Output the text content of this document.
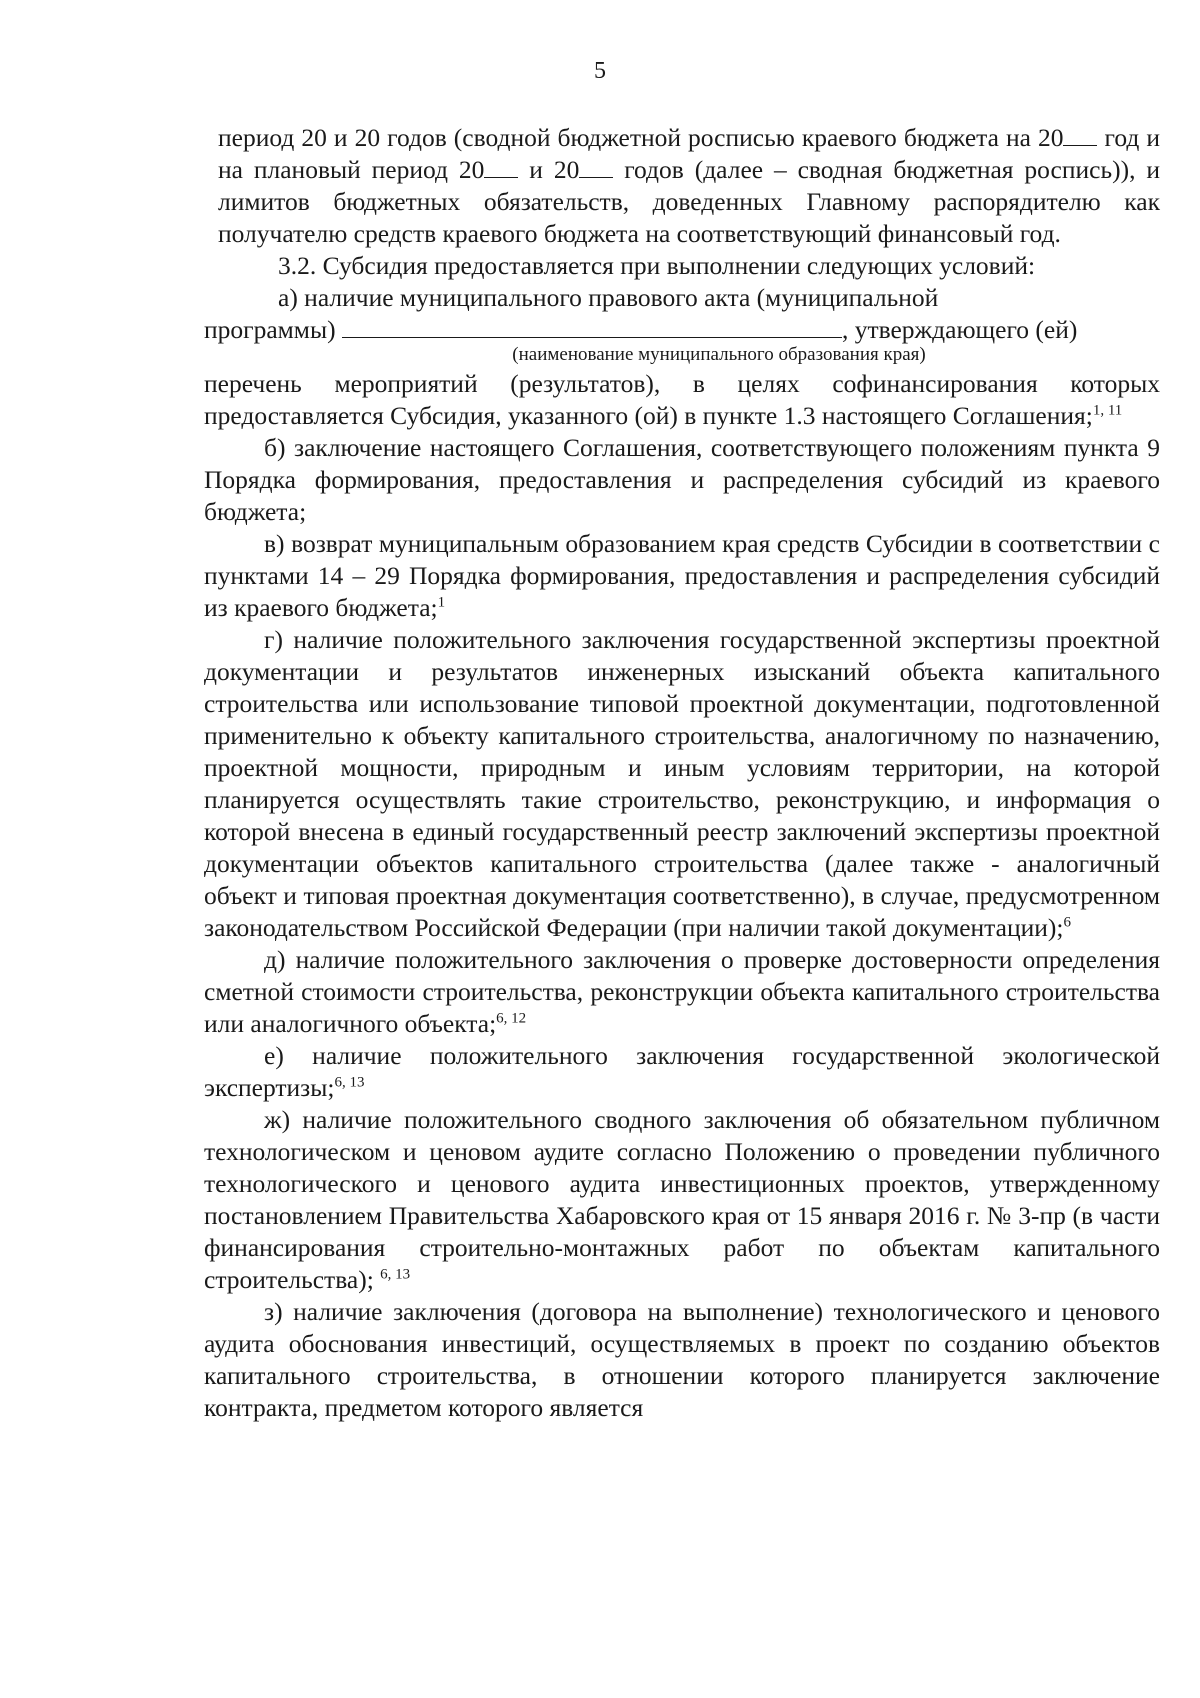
5

период 20 и 20 годов (сводной бюджетной росписью краевого бюджета на 20 год и на плановый период 20 и 20 годов (далее – сводная бюджетная роспись)), и лимитов бюджетных обязательств, доведенных Главному распорядителю как получателю средств краевого бюджета на соответствующий финансовый год.

3.2. Субсидия предоставляется при выполнении следующих условий:

а) наличие муниципального правового акта (муниципальной

программы)	, утверждающего (ей)

(наименование муниципального образования края)

перечень мероприятий (результатов), в целях софинансирования которых предоставляется Субсидия, указанного (ой) в пункте 1.3 настоящего Соглашения;$^{1, 11}$

б) заключение настоящего Соглашения, соответствующего положениям пункта 9 Порядка формирования, предоставления и распределения субсидий из краевого бюджета;

в) возврат муниципальным образованием края средств Субсидии в соответствии с пунктами 14 – 29 Порядка формирования, предоставления и распределения субсидий из краевого бюджета;$^1$

г) наличие положительного заключения государственной экспертизы проектной документации и результатов инженерных изысканий объекта капитального строительства или использование типовой проектной документации, подготовленной применительно к объекту капитального строительства, аналогичному по назначению, проектной мощности, природным и иным условиям территории, на которой планируется осуществлять такие строительство, реконструкцию, и информация о которой внесена в единый государственный реестр заключений экспертизы проектной документации объектов капитального строительства (далее также - аналогичный объект и типовая проектная документация соответственно), в случае, предусмотренном законодательством Российской Федерации (при наличии такой документации);$^6$

д) наличие положительного заключения о проверке достоверности определения сметной стоимости строительства, реконструкции объекта капитального строительства или аналогичного объекта;$^{6, 12}$

е) наличие положительного заключения государственной экологической экспертизы;$^{6, 13}$

ж) наличие положительного сводного заключения об обязательном публичном технологическом и ценовом аудите согласно Положению о проведении публичного технологического и ценового аудита инвестиционных проектов, утвержденному постановлением Правительства Хабаровского края от 15 января 2016 г. № 3-пр (в части финансирования строительно-монтажных работ по объектам капитального строительства); $^{6, 13}$

з) наличие заключения (договора на выполнение) технологического и ценового аудита обоснования инвестиций, осуществляемых в проект по созданию объектов капитального строительства, в отношении которого планируется заключение контракта, предметом которого является
